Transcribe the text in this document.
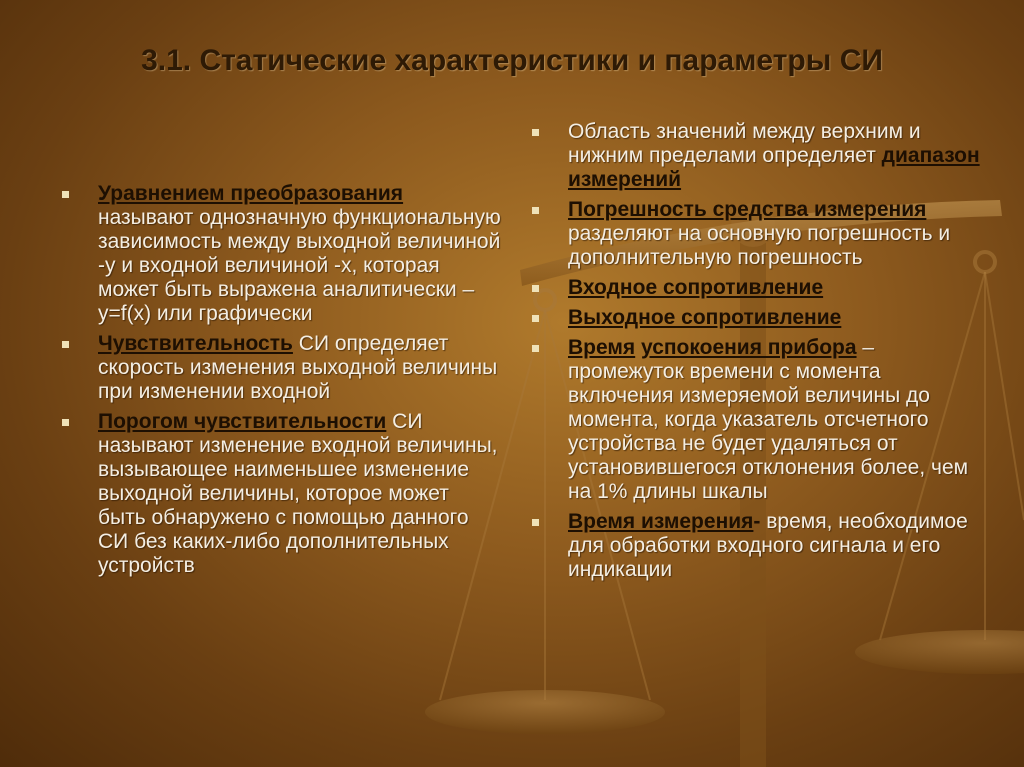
3.1. Статические характеристики и параметры СИ
Уравнением преобразования называют однозначную функциональную зависимость между выходной величиной -y и входной величиной -x, которая может быть выражена аналитически – y=f(x) или графически
Чувствительность СИ определяет скорость изменения выходной величины при изменении входной
Порогом чувствительности СИ называют изменение входной величины, вызывающее наименьшее изменение выходной величины, которое может быть обнаружено с помощью данного СИ без каких-либо дополнительных устройств
Область значений между верхним и нижним пределами определяет диапазон измерений
Погрешность средства измерения разделяют на основную погрешность и дополнительную погрешность
Входное сопротивление
Выходное сопротивление
Время успокоения прибора – промежуток времени с момента включения измеряемой величины до момента, когда указатель отсчетного устройства не будет удаляться от установившегося отклонения более, чем на 1% длины шкалы
Время измерения- время, необходимое для обработки входного сигнала и его индикации
